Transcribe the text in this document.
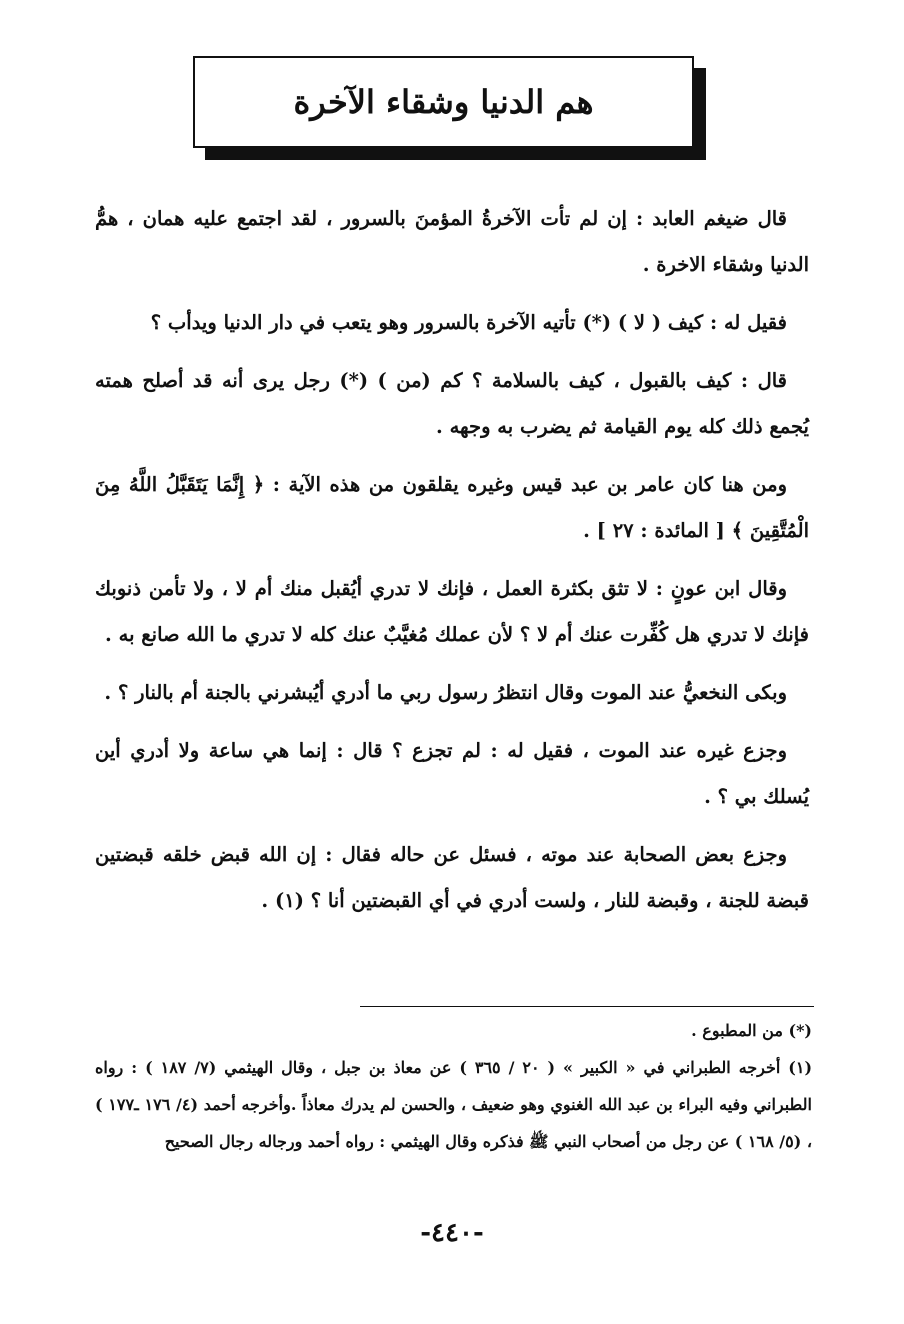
هم الدنيا وشقاء الآخرة

قال ضيغم العابد : إن لم تأت الآخرةُ المؤمنَ بالسرور ، لقد اجتمع عليه همان ، همُّ الدنيا وشقاء الاخرة .

فقيل له : كيف ( لا ) (*) تأتيه الآخرة بالسرور وهو يتعب في دار الدنيا ويدأب ؟

قال : كيف بالقبول ، كيف بالسلامة ؟ كم (من ) (*) رجل يرى أنه قد أصلح همته يُجمع ذلك كله يوم القيامة ثم يضرب به وجهه .

ومن هنا كان عامر بن عبد قيس وغيره يقلقون من هذه الآية : ﴿ إِنَّمَا يَتَقَبَّلُ اللَّهُ مِنَ الْمُتَّقِينَ ﴾ [ المائدة : ٢٧ ] .

وقال ابن عونٍ : لا تثق بكثرة العمل ، فإنك لا تدري أيُقبل منك أم لا ، ولا تأمن ذنوبك فإنك لا تدري هل كُفِّرت عنك أم لا ؟ لأن عملك مُغيَّبٌ عنك كله لا تدري ما الله صانع به .

وبكى النخعيُّ عند الموت وقال انتظرُ رسول ربي ما أدري أيُبشرني بالجنة أم بالنار ؟ .

وجزع غيره عند الموت ، فقيل له : لم تجزع ؟ قال : إنما هي ساعة ولا أدري أين يُسلك بي ؟ .

وجزع بعض الصحابة عند موته ، فسئل عن حاله فقال : إن الله قبض خلقه قبضتين قبضة للجنة ، وقبضة للنار ، ولست أدري في أي القبضتين أنا ؟ (١) .

(*) من المطبوع .

(١) أخرجه الطبراني في « الكبير » ( ٢٠ / ٣٦٥ ) عن معاذ بن جبل ، وقال الهيثمي (٧/ ١٨٧ ) : رواه الطبراني وفيه البراء بن عبد الله الغنوي وهو ضعيف ، والحسن لم يدرك معاذاً .وأخرجه أحمد (٤/ ١٧٦ ـ١٧٧ ) ، (٥/ ١٦٨ ) عن رجل من أصحاب النبي ﷺ فذكره وقال الهيثمي : رواه أحمد ورجاله رجال الصحيح

-٤٤٠-
